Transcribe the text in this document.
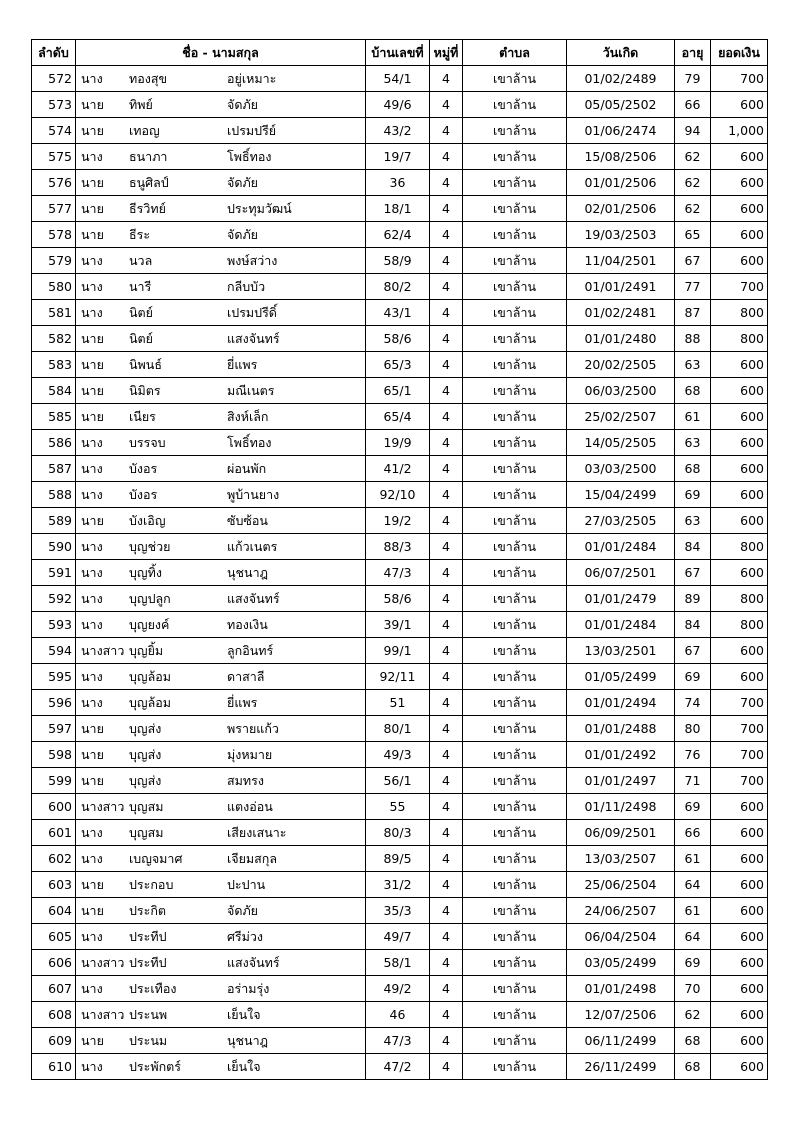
ลำดับ	ชื่อ - นามสกุล	บ้านเลขที่	หมู่ที่	ตำบล	วันเกิด	อายุ	ยอดเงิน
572	นาง ทองสุข อยู่เหมาะ	54/1	4	เขาล้าน	01/02/2489	79	700
573	นาย ทิพย์ จัดภัย	49/6	4	เขาล้าน	05/05/2502	66	600
574	นาย เทอญ เปรมปรีย์	43/2	4	เขาล้าน	01/06/2474	94	1,000
575	นาง ธนาภา โพธิ์ทอง	19/7	4	เขาล้าน	15/08/2506	62	600
576	นาย ธนูศิลป์ จัดภัย	36	4	เขาล้าน	01/01/2506	62	600
577	นาย ธีรวิทย์ ประทุมวัฒน์	18/1	4	เขาล้าน	02/01/2506	62	600
578	นาย ธีระ จัดภัย	62/4	4	เขาล้าน	19/03/2503	65	600
579	นาง นวล พงษ์สว่าง	58/9	4	เขาล้าน	11/04/2501	67	600
580	นาง นารี กลีบบัว	80/2	4	เขาล้าน	01/01/2491	77	700
581	นาง นิตย์ เปรมปรีดิ์	43/1	4	เขาล้าน	01/02/2481	87	800
582	นาย นิตย์ แสงจันทร์	58/6	4	เขาล้าน	01/01/2480	88	800
583	นาย นิพนธ์ ยี่แพร	65/3	4	เขาล้าน	20/02/2505	63	600
584	นาย นิมิตร มณีเนตร	65/1	4	เขาล้าน	06/03/2500	68	600
585	นาย เนียร สิงห์เล็ก	65/4	4	เขาล้าน	25/02/2507	61	600
586	นาง บรรจบ โพธิ์ทอง	19/9	4	เขาล้าน	14/05/2505	63	600
587	นาง บังอร ผ่อนพัก	41/2	4	เขาล้าน	03/03/2500	68	600
588	นาง บังอร พูบ้านยาง	92/10	4	เขาล้าน	15/04/2499	69	600
589	นาย บังเอิญ ซับซ้อน	19/2	4	เขาล้าน	27/03/2505	63	600
590	นาง บุญช่วย แก้วเนตร	88/3	4	เขาล้าน	01/01/2484	84	800
591	นาง บุญทิ้ง นุชนาฎ	47/3	4	เขาล้าน	06/07/2501	67	600
592	นาง บุญปลูก แสงจันทร์	58/6	4	เขาล้าน	01/01/2479	89	800
593	นาง บุญยงค์ ทองเงิน	39/1	4	เขาล้าน	01/01/2484	84	800
594	นางสาว บุญยิ้ม ลูกอินทร์	99/1	4	เขาล้าน	13/03/2501	67	600
595	นาง บุญล้อม ดาสาลี	92/11	4	เขาล้าน	01/05/2499	69	600
596	นาง บุญล้อม ยี่แพร	51	4	เขาล้าน	01/01/2494	74	700
597	นาย บุญส่ง พรายแก้ว	80/1	4	เขาล้าน	01/01/2488	80	700
598	นาย บุญส่ง มุ่งหมาย	49/3	4	เขาล้าน	01/01/2492	76	700
599	นาย บุญส่ง สมทรง	56/1	4	เขาล้าน	01/01/2497	71	700
600	นางสาว บุญสม แตงอ่อน	55	4	เขาล้าน	01/11/2498	69	600
601	นาง บุญสม เสียงเสนาะ	80/3	4	เขาล้าน	06/09/2501	66	600
602	นาง เบญจมาศ เจียมสกุล	89/5	4	เขาล้าน	13/03/2507	61	600
603	นาย ประกอบ ปะปาน	31/2	4	เขาล้าน	25/06/2504	64	600
604	นาย ประกิต จัดภัย	35/3	4	เขาล้าน	24/06/2507	61	600
605	นาง ประทีป ศรีม่วง	49/7	4	เขาล้าน	06/04/2504	64	600
606	นางสาว ประทีป แสงจันทร์	58/1	4	เขาล้าน	03/05/2499	69	600
607	นาง ประเทือง อร่ามรุ่ง	49/2	4	เขาล้าน	01/01/2498	70	600
608	นางสาว ประนพ เย็นใจ	46	4	เขาล้าน	12/07/2506	62	600
609	นาย ประนม นุชนาฎ	47/3	4	เขาล้าน	06/11/2499	68	600
610	นาง ประพักตร์ เย็นใจ	47/2	4	เขาล้าน	26/11/2499	68	600
